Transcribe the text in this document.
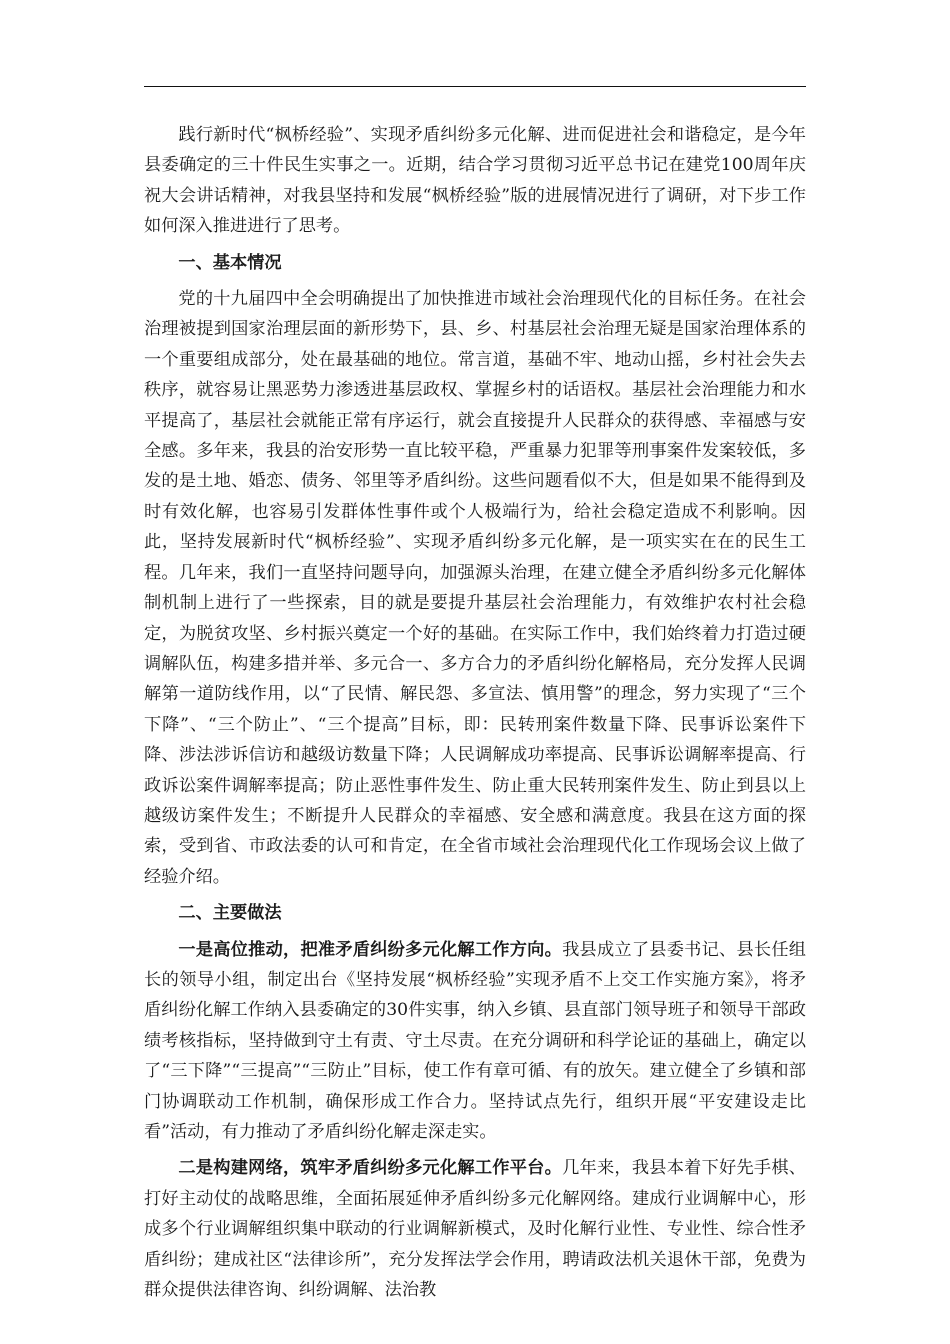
践行新时代“枫桥经验”、实现矛盾纠纷多元化解、进而促进社会和谐稳定，是今年县委确定的三十件民生实事之一。近期，结合学习贯彻习近平总书记在建党100周年庆祝大会讲话精神，对我县坚持和发展“枫桥经验”版的进展情况进行了调研，对下步工作如何深入推进进行了思考。

一、基本情况

党的十九届四中全会明确提出了加快推进市域社会治理现代化的目标任务。在社会治理被提到国家治理层面的新形势下，县、乡、村基层社会治理无疑是国家治理体系的一个重要组成部分，处在最基础的地位。常言道，基础不牢、地动山摇，乡村社会失去秩序，就容易让黑恶势力渗透进基层政权、掌握乡村的话语权。基层社会治理能力和水平提高了，基层社会就能正常有序运行，就会直接提升人民群众的获得感、幸福感与安全感。多年来，我县的治安形势一直比较平稳，严重暴力犯罪等刑事案件发案较低，多发的是土地、婚恋、债务、邻里等矛盾纠纷。这些问题看似不大，但是如果不能得到及时有效化解，也容易引发群体性事件或个人极端行为，给社会稳定造成不利影响。因此，坚持发展新时代“枫桥经验”、实现矛盾纠纷多元化解，是一项实实在在的民生工程。几年来，我们一直坚持问题导向，加强源头治理，在建立健全矛盾纠纷多元化解体制机制上进行了一些探索，目的就是要提升基层社会治理能力，有效维护农村社会稳定，为脱贫攻坚、乡村振兴奠定一个好的基础。在实际工作中，我们始终着力打造过硬调解队伍，构建多措并举、多元合一、多方合力的矛盾纠纷化解格局，充分发挥人民调解第一道防线作用，以“了民情、解民怨、多宣法、慎用警”的理念，努力实现了“三个下降”、“三个防止”、“三个提高”目标，即：民转刑案件数量下降、民事诉讼案件下降、涉法涉诉信访和越级访数量下降；人民调解成功率提高、民事诉讼调解率提高、行政诉讼案件调解率提高；防止恶性事件发生、防止重大民转刑案件发生、防止到县以上越级访案件发生；不断提升人民群众的幸福感、安全感和满意度。我县在这方面的探索，受到省、市政法委的认可和肯定，在全省市域社会治理现代化工作现场会议上做了经验介绍。

二、主要做法

一是高位推动，把准矛盾纠纷多元化解工作方向。我县成立了县委书记、县长任组长的领导小组，制定出台《坚持发展“枫桥经验”实现矛盾不上交工作实施方案》，将矛盾纠纷化解工作纳入县委确定的30件实事，纳入乡镇、县直部门领导班子和领导干部政绩考核指标，坚持做到守土有责、守土尽责。在充分调研和科学论证的基础上，确定以了“三下降”“三提高”“三防止”目标，使工作有章可循、有的放矢。建立健全了乡镇和部门协调联动工作机制，确保形成工作合力。坚持试点先行，组织开展“平安建设走比看”活动，有力推动了矛盾纠纷化解走深走实。

二是构建网络，筑牢矛盾纠纷多元化解工作平台。几年来，我县本着下好先手棋、打好主动仗的战略思维，全面拓展延伸矛盾纠纷多元化解网络。建成行业调解中心，形成多个行业调解组织集中联动的行业调解新模式，及时化解行业性、专业性、综合性矛盾纠纷；建成社区“法律诊所”，充分发挥法学会作用，聘请政法机关退休干部，免费为群众提供法律咨询、纠纷调解、法治教
